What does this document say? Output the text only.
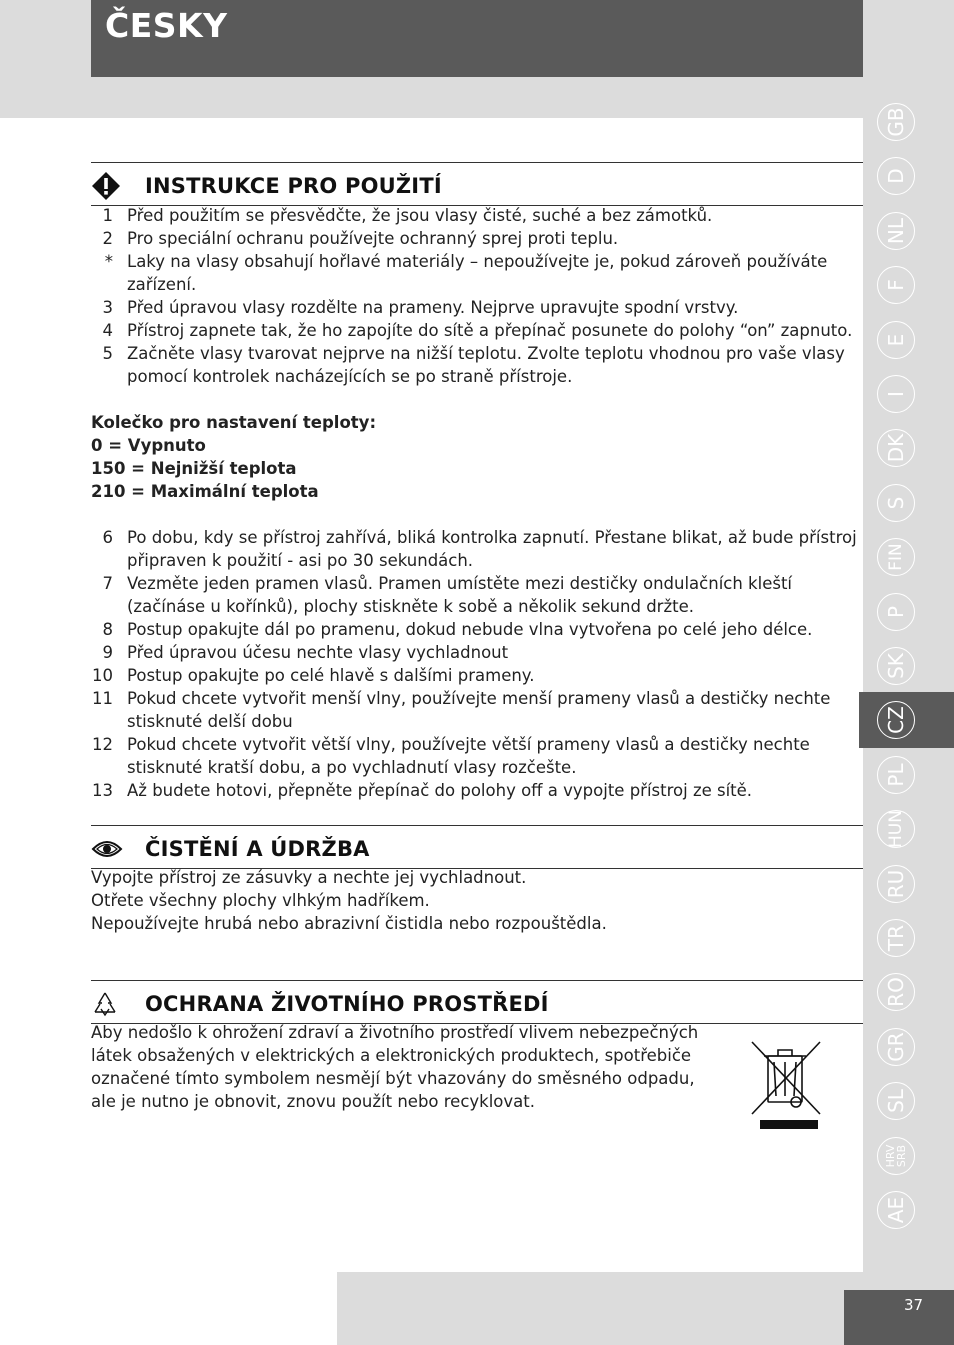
ČESKY
GB
D
NL
F
E
I
DK
S
FIN
P
SK
CZ
PL
HUN
RU
TR
RO
GR
SL
HRV
SRB
AE
INSTRUKCE PRO POUŽITÍ
1 Před použitím se přesvědčte, že jsou vlasy čisté, suché a bez zámotků.
2 Pro speciální ochranu používejte ochranný sprej proti teplu.
* Laky na vlasy obsahují hořlavé materiály – nepoužívejte je, pokud zároveň používáte
zařízení.
3 Před úpravou vlasy rozdělte na prameny. Nejprve upravujte spodní vrstvy.
4 Přístroj zapnete tak, že ho zapojíte do sítě a přepínač posunete do polohy “on” zapnuto.
5 Začněte vlasy tvarovat nejprve na nižší teplotu. Zvolte teplotu vhodnou pro vaše vlasy
pomocí kontrolek nacházejících se po straně přístroje.
Kolečko pro nastavení teploty:
0 = Vypnuto
150 = Nejnižší teplota
210 = Maximální teplota
6 Po dobu, kdy se přístroj zahřívá, bliká kontrolka zapnutí. Přestane blikat, až bude přístroj
připraven k použití - asi po 30 sekundách.
7 Vezměte jeden pramen vlasů. Pramen umístěte mezi destičky ondulačních kleští
(začínáse u kořínků), plochy stiskněte k sobě a několik sekund držte.
8 Postup opakujte dál po pramenu, dokud nebude vlna vytvořena po celé jeho délce.
9 Před úpravou účesu nechte vlasy vychladnout
10 Postup opakujte po celé hlavě s dalšími prameny.
11 Pokud chcete vytvořit menší vlny, používejte menší prameny vlasů a destičky nechte
stisknuté delší dobu
12 Pokud chcete vytvořit větší vlny, používejte větší prameny vlasů a destičky nechte
stisknuté kratší dobu, a po vychladnutí vlasy rozčešte.
13 Až budete hotovi, přepněte přepínač do polohy off a vypojte přístroj ze sítě.
ČISTĚNÍ A ÚDRŽBA
Vypojte přístroj ze zásuvky a nechte jej vychladnout.
Otřete všechny plochy vlhkým hadříkem.
Nepoužívejte hrubá nebo abrazivní čistidla nebo rozpouštědla.
OCHRANA ŽIVOTNÍHO PROSTŘEDÍ
Aby nedošlo k ohrožení zdraví a životního prostředí vlivem nebezpečných
látek obsažených v elektrických a elektronických produktech, spotřebiče
označené tímto symbolem nesmějí být vhazovány do směsného odpadu,
ale je nutno je obnovit, znovu použít nebo recyklovat.
37
